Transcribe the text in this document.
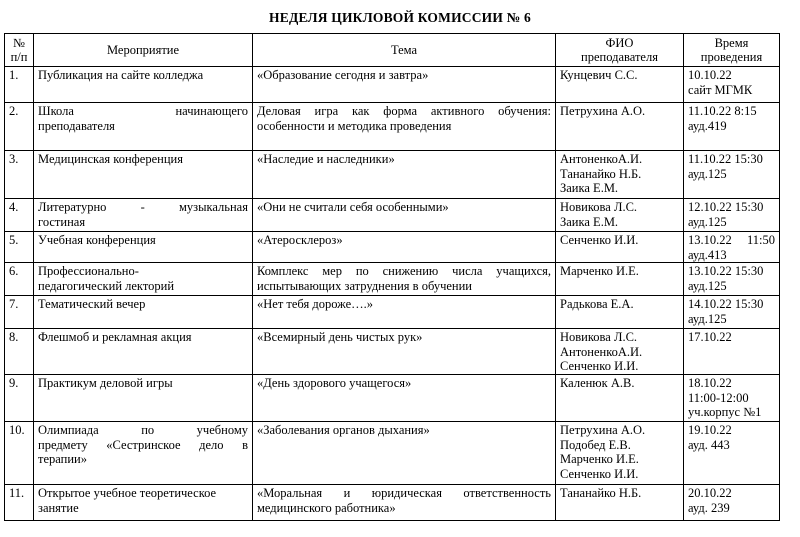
НЕДЕЛЯ ЦИКЛОВОЙ КОМИССИИ № 6
№
п/п	Мероприятие	Тема	ФИО
преподавателя	Время
проведения

1.	Публикация на сайте колледжа	«Образование сегодня и завтра»	Кунцевич С.С.	10.10.22
сайт МГМК

2.	Школа начинающего
преподавателя	Деловая игра как форма активного обучения:
особенности и методика проведения	Петрухина А.О.	11.10.22 8:15
ауд.419

3.	Медицинская конференция	«Наследие и наследники»	АнтоненкоА.И.
Тананайко Н.Б.
Заика Е.М.	11.10.22 15:30
ауд.125

4.	Литературно - музыкальная
гостиная	«Они не считали себя особенными»	Новикова Л.С.
Заика Е.М.	12.10.22 15:30
ауд.125

5.	Учебная конференция	«Атеросклероз»	Сенченко И.И.	13.10.22 11:50
ауд.413

6.	Профессионально-
педагогический лекторий	Комплекс мер по снижению числа учащихся,
испытывающих затруднения в обучении	Марченко И.Е.	13.10.22 15:30
ауд.125

7.	Тематический вечер	«Нет тебя дороже….»	Радькова Е.А.	14.10.22 15:30
ауд.125

8.	Флешмоб и рекламная акция	«Всемирный день чистых рук»	Новикова Л.С.
АнтоненкоА.И.
Сенченко И.И.	17.10.22

9.	Практикум деловой игры	«День здорового учащегося»	Каленюк А.В.	18.10.22
11:00-12:00
уч.корпус №1

10.	Олимпиада по учебному
предмету «Сестринское дело в
терапии»	«Заболевания органов дыхания»	Петрухина А.О.
Подобед Е.В.
Марченко И.Е.
Сенченко И.И.	19.10.22
ауд. 443

11.	Открытое учебное теоретическое
занятие	«Моральная и юридическая ответственность
медицинского работника»	Тананайко Н.Б.	20.10.22
ауд. 239
